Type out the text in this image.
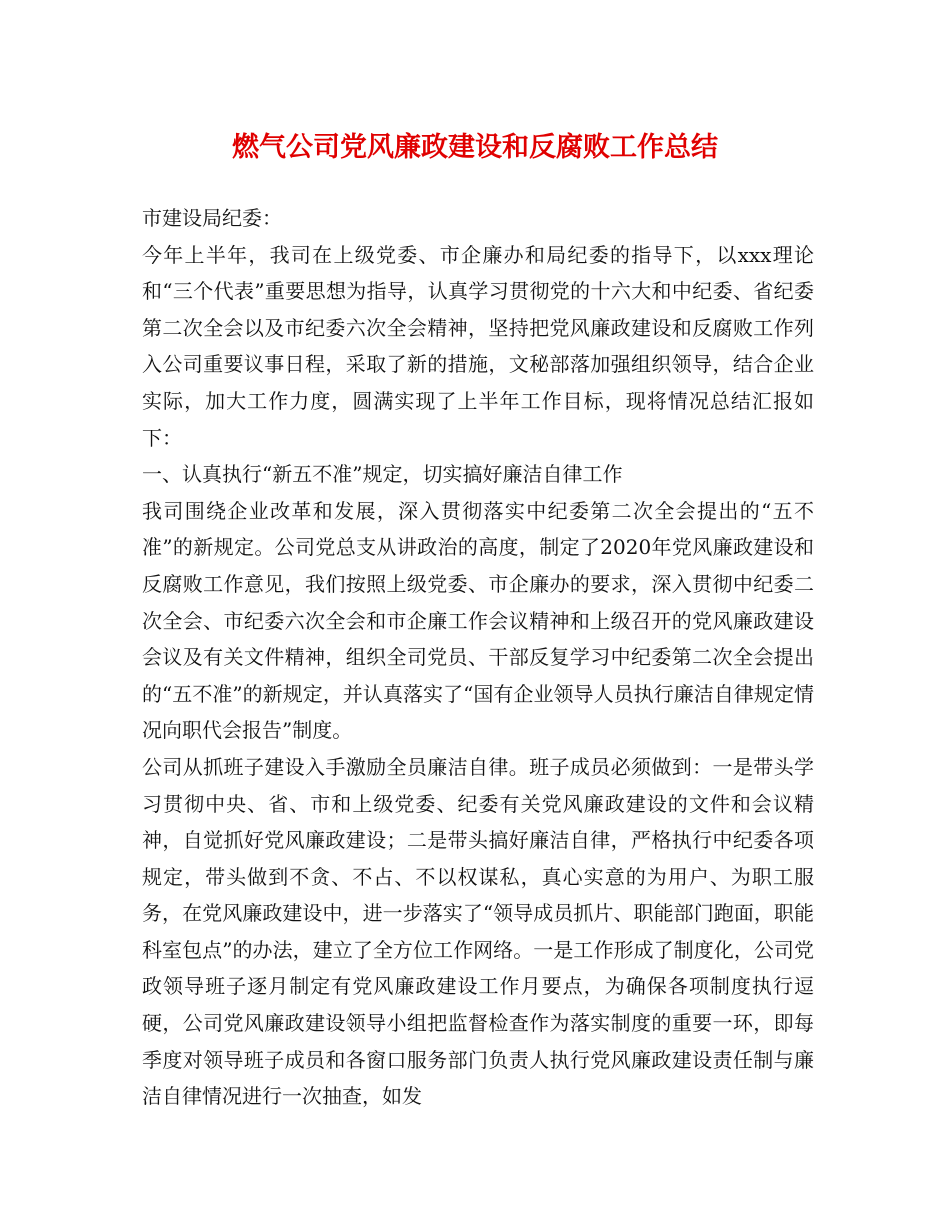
燃气公司党风廉政建设和反腐败工作总结

市建设局纪委：

今年上半年，我司在上级党委、市企廉办和局纪委的指导下，以xxx理论和“三个代表”重要思想为指导，认真学习贯彻党的十六大和中纪委、省纪委第二次全会以及市纪委六次全会精神，坚持把党风廉政建设和反腐败工作列入公司重要议事日程，采取了新的措施，文秘部落加强组织领导，结合企业实际，加大工作力度，圆满实现了上半年工作目标，现将情况总结汇报如下：

一、认真执行“新五不准”规定，切实搞好廉洁自律工作

我司围绕企业改革和发展，深入贯彻落实中纪委第二次全会提出的“五不准”的新规定。公司党总支从讲政治的高度，制定了2020年党风廉政建设和反腐败工作意见，我们按照上级党委、市企廉办的要求，深入贯彻中纪委二次全会、市纪委六次全会和市企廉工作会议精神和上级召开的党风廉政建设会议及有关文件精神，组织全司党员、干部反复学习中纪委第二次全会提出的“五不准”的新规定，并认真落实了“国有企业领导人员执行廉洁自律规定情况向职代会报告”制度。

公司从抓班子建设入手激励全员廉洁自律。班子成员必须做到：一是带头学习贯彻中央、省、市和上级党委、纪委有关党风廉政建设的文件和会议精神，自觉抓好党风廉政建设；二是带头搞好廉洁自律，严格执行中纪委各项规定，带头做到不贪、不占、不以权谋私，真心实意的为用户、为职工服务，在党风廉政建设中，进一步落实了“领导成员抓片、职能部门跑面，职能科室包点”的办法，建立了全方位工作网络。一是工作形成了制度化，公司党政领导班子逐月制定有党风廉政建设工作月要点，为确保各项制度执行逗硬，公司党风廉政建设领导小组把监督检查作为落实制度的重要一环，即每季度对领导班子成员和各窗口服务部门负责人执行党风廉政建设责任制与廉洁自律情况进行一次抽查，如发
